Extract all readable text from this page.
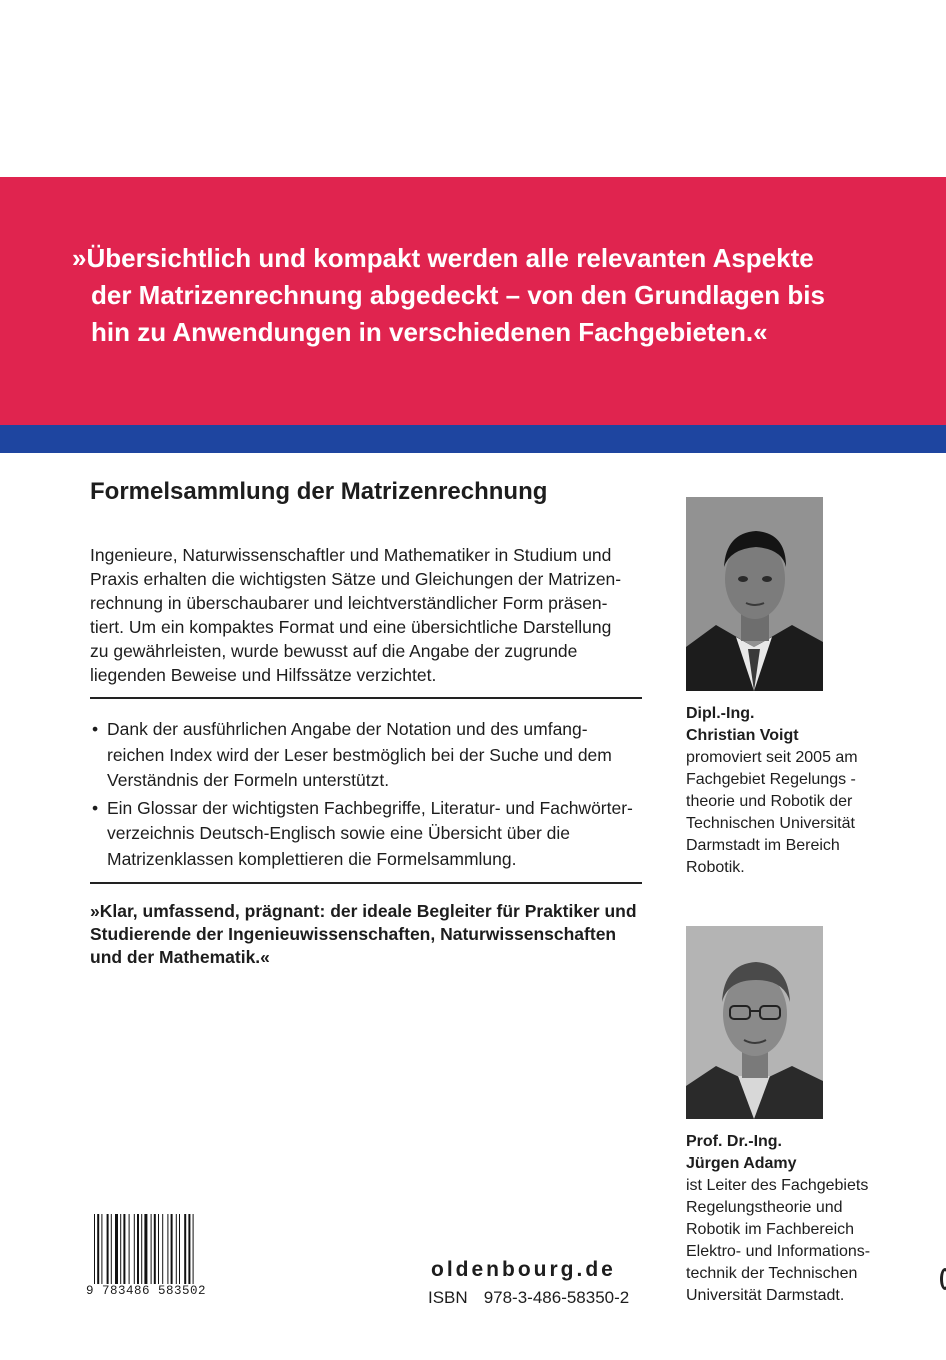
»Übersichtlich und kompakt werden alle relevanten Aspekte
der Matrizenrechnung abgedeckt – von den Grundlagen bis
hin zu Anwendungen in verschiedenen Fachgebieten.«
Formelsammlung der Matrizenrechnung
Ingenieure, Naturwissenschaftler und Mathematiker in Studium und
Praxis erhalten die wichtigsten Sätze und Gleichungen der Matrizen-
rechnung in überschaubarer und leichtverständlicher Form präsen-
tiert. Um ein kompaktes Format und eine übersichtliche Darstellung
zu gewährleisten, wurde bewusst auf die Angabe der zugrunde
liegenden Beweise und Hilfssätze verzichtet.
• Dank der ausführlichen Angabe der Notation und des umfang-
reichen Index wird der Leser bestmöglich bei der Suche und dem
Verständnis der Formeln unterstützt.
• Ein Glossar der wichtigsten Fachbegriffe, Literatur- und Fachwörter-
verzeichnis Deutsch-Englisch sowie eine Übersicht über die
Matrizenklassen komplettieren die Formelsammlung.
»Klar, umfassend, prägnant: der ideale Begleiter für Praktiker und
Studierende der Ingenieuwissenschaften, Naturwissenschaften
und der Mathematik.«
Dipl.-Ing.
Christian Voigt
promoviert seit 2005 am
Fachgebiet Regelungs -
theorie und Robotik der
Technischen Universität
Darmstadt im Bereich
Robotik.
Prof. Dr.-Ing.
Jürgen Adamy
ist Leiter des Fachgebiets
Regelungstheorie und
Robotik im Fachbereich
Elektro- und Informations-
technik der Technischen
Universität Darmstadt.
9 783486 583502
oldenbourg.de
ISBN 978-3-486-58350-2
